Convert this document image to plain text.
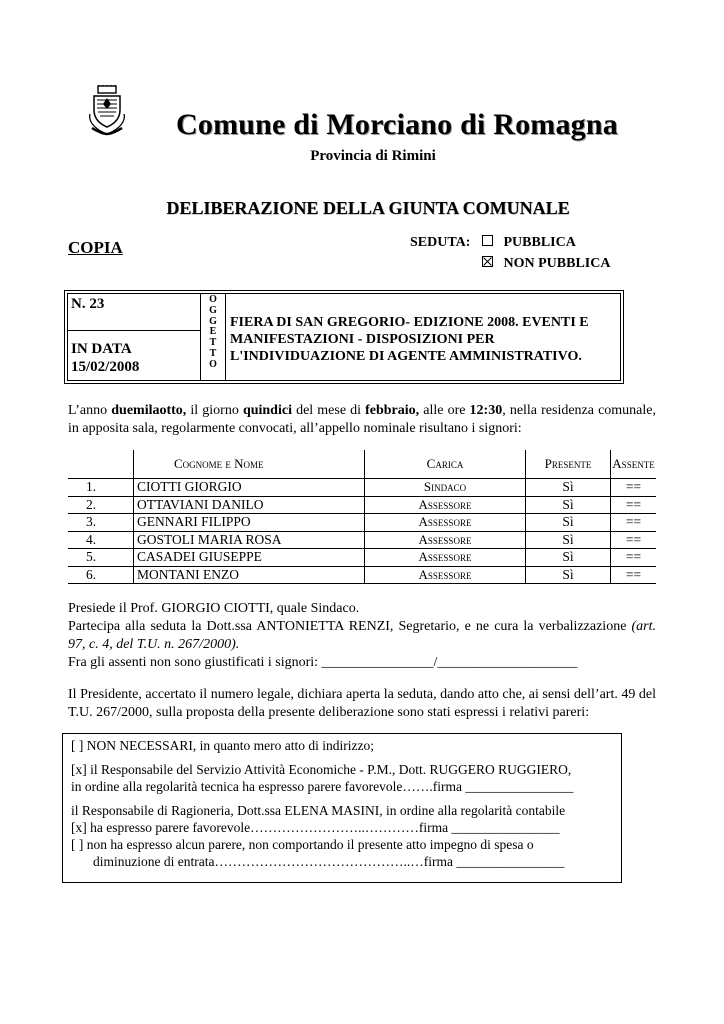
Comune di Morciano di Romagna
Provincia di Rimini
DELIBERAZIONE DELLA GIUNTA COMUNALE
COPIA	SEDUTA:	PUBBLICA
NON PUBBLICA
N. 23
IN DATA
15/02/2008
O
G
G
E
T
T
O
FIERA DI SAN GREGORIO- EDIZIONE 2008. EVENTI E
MANIFESTAZIONI - DISPOSIZIONI PER
L'INDIVIDUAZIONE DI AGENTE AMMINISTRATIVO.
L’anno duemilaotto, il giorno quindici del mese di febbraio, alle ore 12:30, nella residenza comunale, in apposita sala, regolarmente convocati, all’appello nominale risultano i signori:
	Cognome e Nome	Carica	Presente	Assente
1.	CIOTTI GIORGIO	Sindaco	Sì	==
2.	OTTAVIANI DANILO	Assessore	Sì	==
3.	GENNARI FILIPPO	Assessore	Sì	==
4.	GOSTOLI MARIA ROSA	Assessore	Sì	==
5.	CASADEI GIUSEPPE	Assessore	Sì	==
6.	MONTANI ENZO	Assessore	Sì	==
Presiede il Prof. GIORGIO CIOTTI, quale Sindaco.
Partecipa alla seduta la Dott.ssa ANTONIETTA RENZI, Segretario, e ne cura la verbalizzazione (art. 97, c. 4, del T.U. n. 267/2000).
Fra gli assenti non sono giustificati i signori: ________________/____________________
Il Presidente, accertato il numero legale, dichiara aperta la seduta, dando atto che, ai sensi dell’art. 49 del T.U. 267/2000, sulla proposta della presente deliberazione sono stati espressi i relativi pareri:

[ ] NON NECESSARI, in quanto mero atto di indirizzo;

[x] il Responsabile del Servizio Attività Economiche - P.M., Dott. RUGGERO RUGGIERO,

in ordine alla regolarità tecnica ha espresso parere favorevole…….firma ________________

il Responsabile di Ragioneria, Dott.ssa ELENA MASINI, in ordine alla regolarità contabile

[x] ha espresso parere favorevole……………………..…………firma ________________

[ ] non ha espresso alcun parere, non comportando il presente atto impegno di spesa o

diminuzione di entrata……………………………………..…firma ________________
